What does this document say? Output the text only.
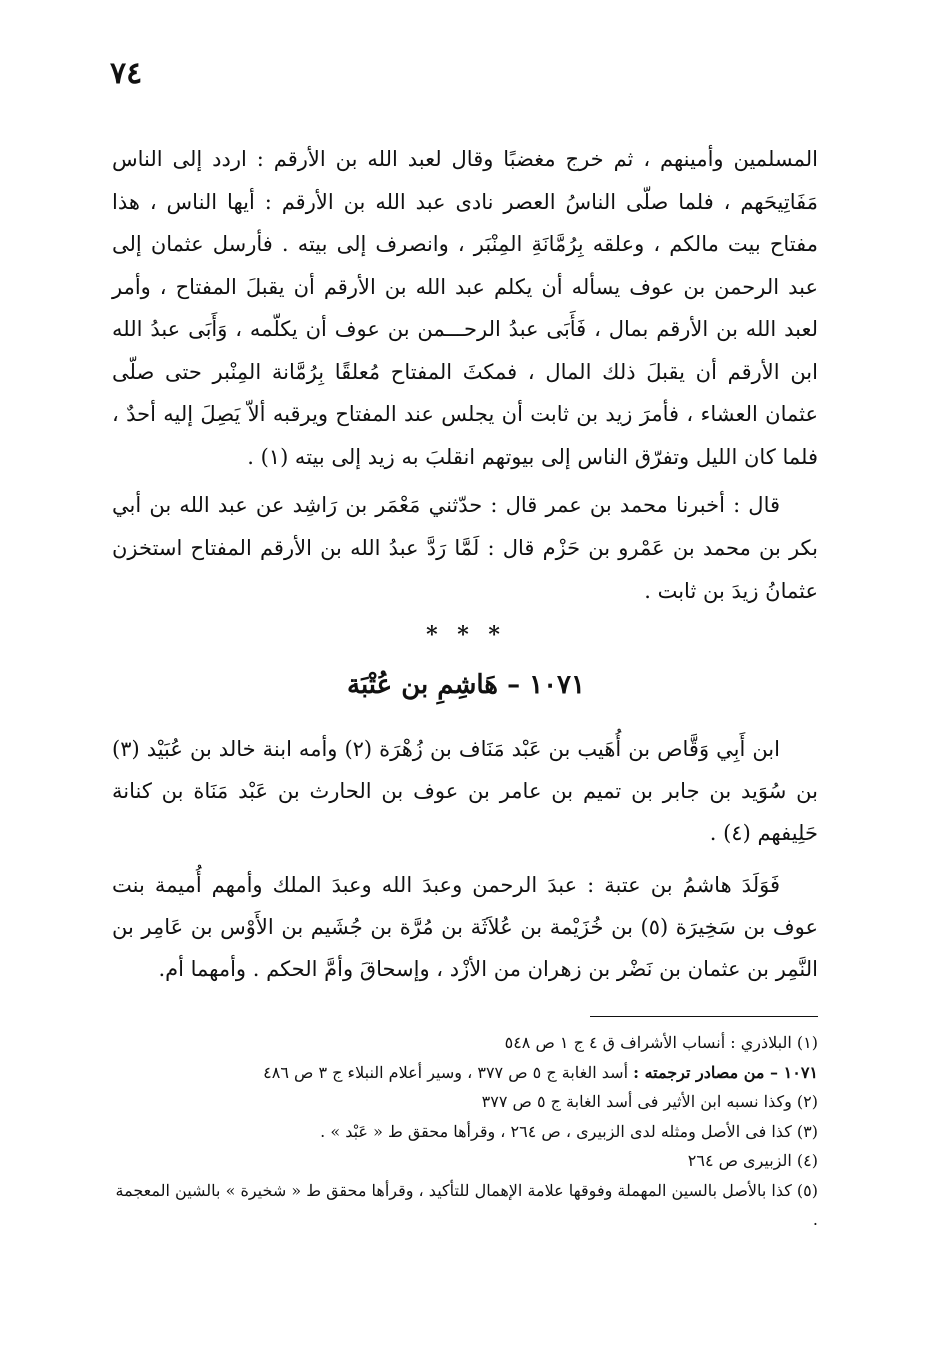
٧٤
المسلمين وأمينهم ، ثم خرج مغضبًا وقال لعبد الله بن الأرقم : اردد إلى الناس مَفَاتِيحَهم ، فلما صلّى الناسُ العصر نادى عبد الله بن الأرقم : أيها الناس ، هذا مفتاح بيت مالكم ، وعلقه بِرُمَّانَةِ المِنْبَر ، وانصرف إلى بيته . فأرسل عثمان إلى عبد الرحمن بن عوف يسأله أن يكلم عبد الله بن الأرقم أن يقبلَ المفتاح ، وأمر لعبد الله بن الأرقم بمال ، فَأَبَى عبدُ الرحـــمن بن عوف أن يكلّمه ، وَأَبَى عبدُ الله ابن الأرقم أن يقبلَ ذلك المال ، فمكثَ المفتاح مُعلقًا بِرُمَّانة المِنْبر حتى صلّى عثمان العشاء ، فأمرَ زيد بن ثابت أن يجلس عند المفتاح ويرقبه ألاّ يَصِلَ إليه أحدٌ ، فلما كان الليل وتفرّق الناس إلى بيوتهم انقلبَ به زيد إلى بيته (١) .
قال : أخبرنا محمد بن عمر قال : حدّثني مَعْمَر بن رَاشِد عن عبد الله بن أبي بكر بن محمد بن عَمْرو بن حَزْم قال : لَمَّا رَدَّ عبدُ الله بن الأرقم المفتاح استخزن عثمانُ زيدَ بن ثابت .
* * *
١٠٧١ – هَاشِمِ بن عُتْبَة
ابن أَبِي وَقَّاص بن أُهَيب بن عَبْد مَنَاف بن زُهْرَة (٢) وأمه ابنة خالد بن عُبَيْد (٣) بن سُوَيد بن جابر بن تميم بن عامر بن عوف بن الحارث بن عَبْد مَنَاة بن كنانة حَلِيفهم (٤) .
فَوَلَدَ هاشمُ بن عتبة : عبدَ الرحمن وعبدَ الله وعبدَ الملك وأمهم أُميمة بنت عوف بن سَخِيرَة (٥) بن خُزَيْمة بن عُلاَثَة بن مُرَّة بن جُشَيم بن الأَوْس بن عَامِر بن النَّمِر بن عثمان بن نَضْر بن زهران من الأزْد ، وإسحاقَ وأمَّ الحكم . وأمهما أم.

(١) البلاذري : أنساب الأشراف ق ٤ ج ١ ص ٥٤٨

١٠٧١ – من مصادر ترجمته : أسد الغابة ج ٥ ص ٣٧٧ ، وسير أعلام النبلاء ج ٣ ص ٤٨٦

(٢) وكذا نسبه ابن الأثير فى أسد الغابة ج ٥ ص ٣٧٧

(٣) كذا فى الأصل ومثله لدى الزبيرى ، ص ٢٦٤ ، وقرأها محقق ط « عَبْد » .

(٤) الزبيرى ص ٢٦٤

(٥) كذا بالأصل بالسين المهملة وفوقها علامة الإهمال للتأكيد ، وقرأها محقق ط « شخيرة » بالشين المعجمة .
